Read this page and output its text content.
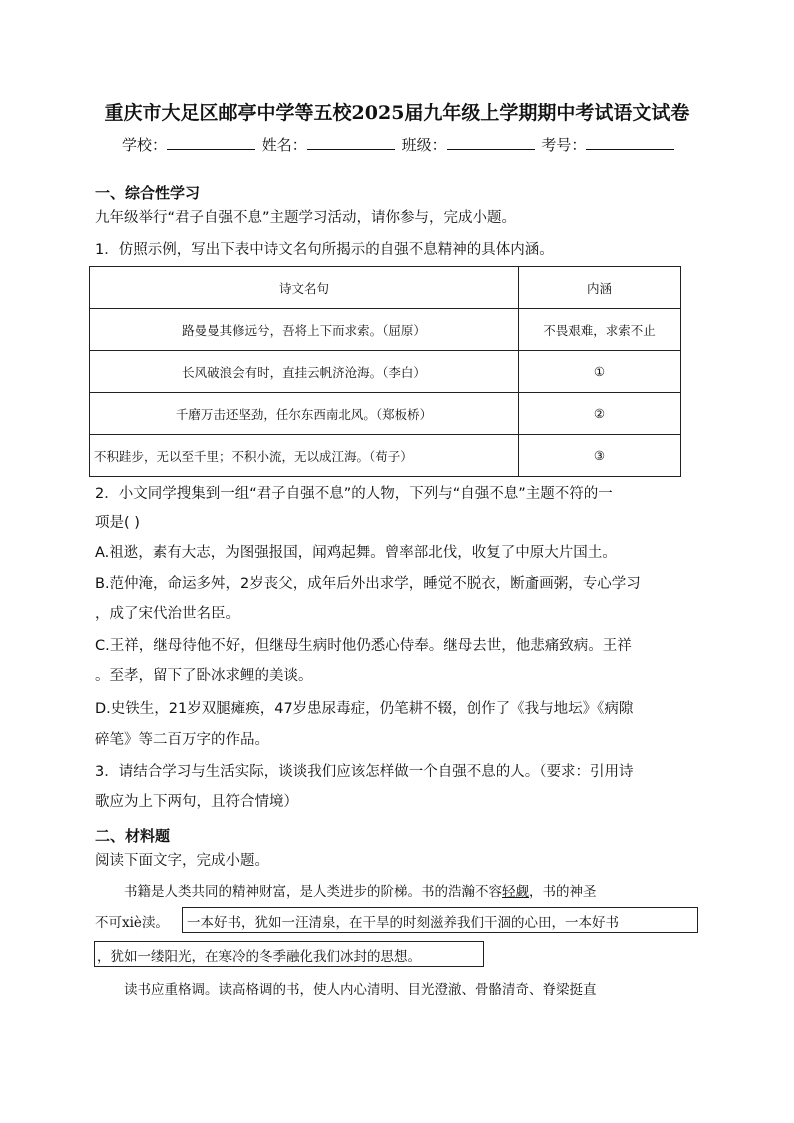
重庆市大足区邮亭中学等五校2025届九年级上学期期中考试语文试卷
学校：	姓名：	班级：	考号：
一、综合性学习
九年级举行“君子自强不息”主题学习活动，请你参与，完成小题。
1．仿照示例，写出下表中诗文名句所揭示的自强不息精神的具体内涵。
诗文名句	内涵
路曼曼其修远兮，吾将上下而求索。（屈原）	不畏艰难，求索不止
长风破浪会有时，直挂云帆济沧海。（李白）	①
千磨万击还坚劲，任尔东西南北风。（郑板桥）	②
不积跬步，无以至千里；不积小流，无以成江海。（荀子）	③
2．小文同学搜集到一组“君子自强不息”的人物，下列与“自强不息”主题不符的一
项是( )
A.祖逖，素有大志，为图强报国，闻鸡起舞。曾率部北伐，收复了中原大片国土。
B.范仲淹，命运多舛，2岁丧父，成年后外出求学，睡觉不脱衣，断齑画粥，专心学习
，成了宋代治世名臣。
C.王祥，继母待他不好，但继母生病时他仍悉心侍奉。继母去世，他悲痛致病。王祥
。至孝，留下了卧冰求鲤的美谈。
D.史铁生，21岁双腿瘫痪，47岁患尿毒症，仍笔耕不辍，创作了《我与地坛》《病隙
碎笔》等二百万字的作品。
3．请结合学习与生活实际，谈谈我们应该怎样做一个自强不息的人。（要求：引用诗
歌应为上下两句，且符合情境）
二、材料题
阅读下面文字，完成小题。
书籍是人类共同的精神财富，是人类进步的阶梯。书的浩瀚不容轻觑，书的神圣
不可xiè渎。 一本好书，犹如一汪清泉，在干旱的时刻滋养我们干涸的心田，一本好书
，犹如一缕阳光，在寒冷的冬季融化我们冰封的思想。
读书应重格调。读高格调的书，使人内心清明、目光澄澈、骨骼清奇、脊梁挺直
